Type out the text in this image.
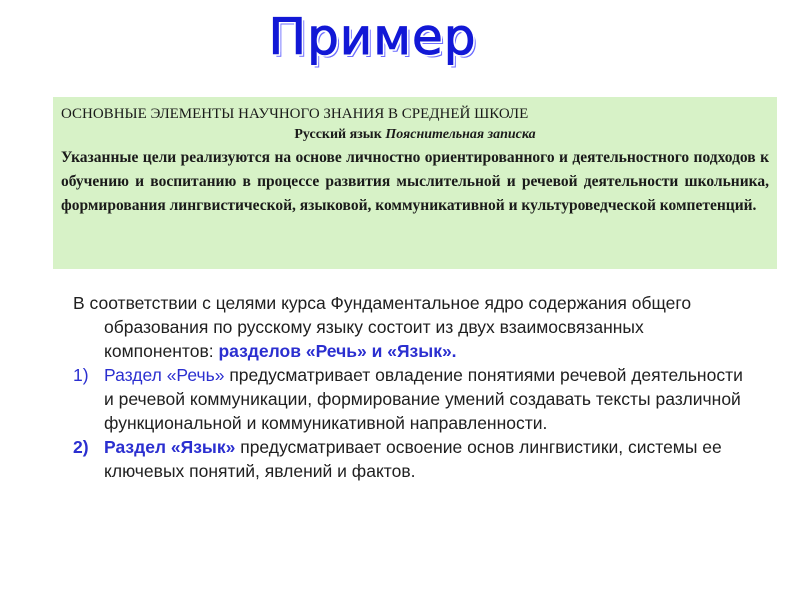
Пример
ОСНОВНЫЕ ЭЛЕМЕНТЫ НАУЧНОГО ЗНАНИЯ В СРЕДНЕЙ ШКОЛЕ
Русский язык Пояснительная записка

Указанные цели реализуются на основе личностно ориентированного и деятельностного подходов к обучению и воспитанию в процессе развития мыслительной и речевой деятельности школьника, формирования лингвистической, языковой, коммуникативной и культуроведческой компетенций.

В соответствии с целями курса Фундаментальное ядро содержания общего образования по русскому языку состоит из двух взаимосвязанных компонентов: разделов «Речь» и «Язык».

1) Раздел «Речь» предусматривает овладение понятиями речевой деятельности и речевой коммуникации, формирование умений создавать тексты различной функциональной и коммуникативной направленности.

2) Раздел «Язык» предусматривает освоение основ лингвистики, системы ее ключевых понятий, явлений и фактов.
